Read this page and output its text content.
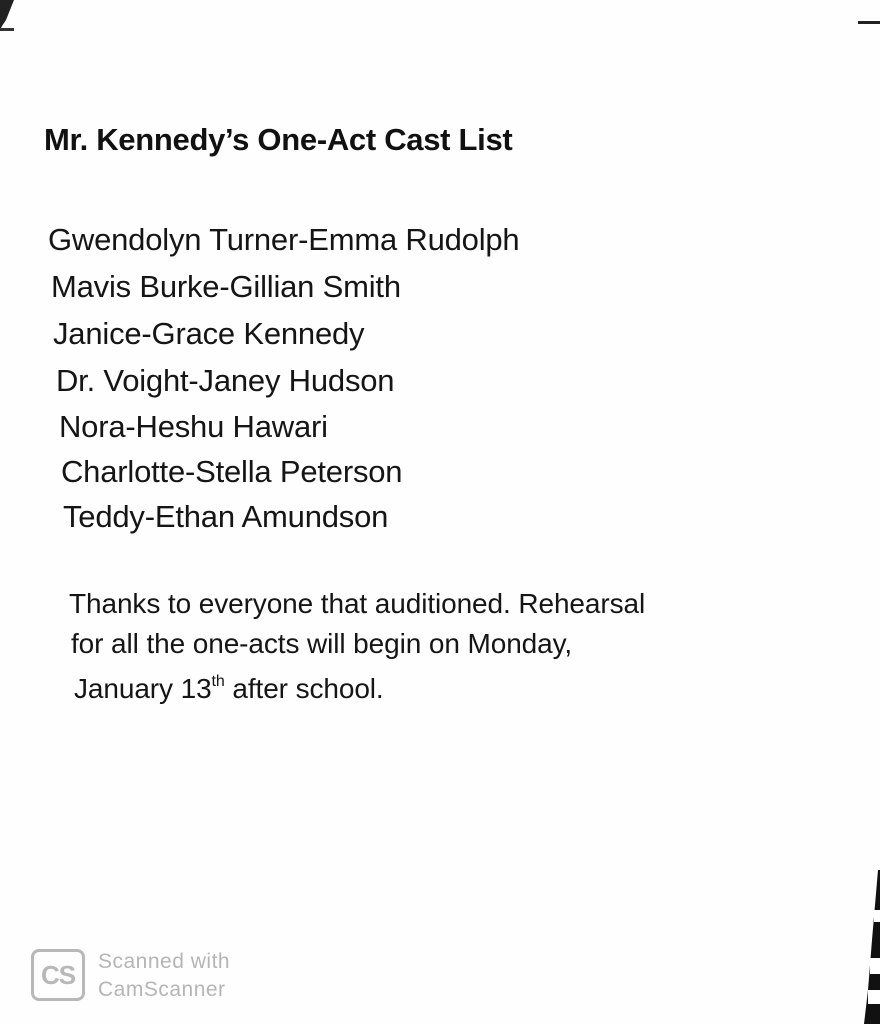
Mr. Kennedy’s One-Act Cast List
Gwendolyn Turner-Emma Rudolph
Mavis Burke-Gillian Smith
Janice-Grace Kennedy
Dr. Voight-Janey Hudson
Nora-Heshu Hawari
Charlotte-Stella Peterson
Teddy-Ethan Amundson
Thanks to everyone that auditioned. Rehearsal
for all the one-acts will begin on Monday,
January 13th after school.
CS	Scanned with
CamScanner
